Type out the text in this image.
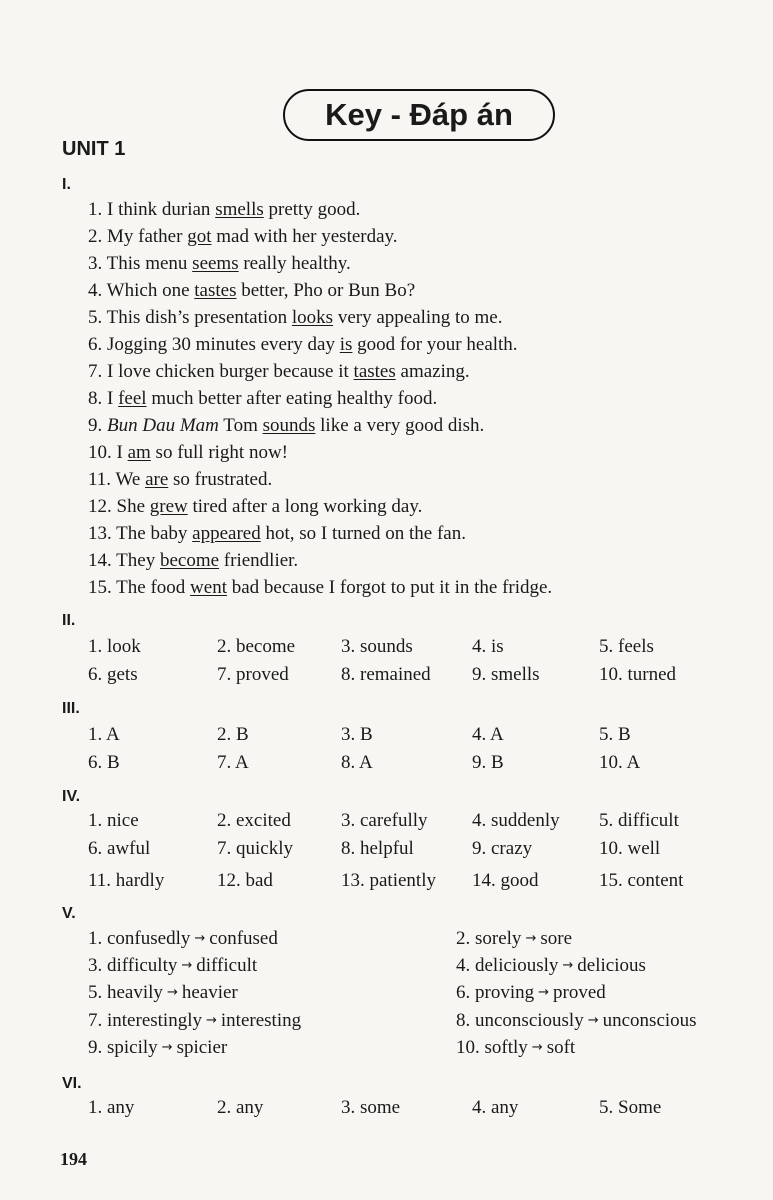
Key - Đáp án
UNIT 1
I.
1. I think durian smells pretty good.
2. My father got mad with her yesterday.
3. This menu seems really healthy.
4. Which one tastes better, Pho or Bun Bo?
5. This dish’s presentation looks very appealing to me.
6. Jogging 30 minutes every day is good for your health.
7. I love chicken burger because it tastes amazing.
8. I feel much better after eating healthy food.
9. Bun Dau Mam Tom sounds like a very good dish.
10. I am so full right now!
11. We are so frustrated.
12. She grew tired after a long working day.
13. The baby appeared hot, so I turned on the fan.
14. They become friendlier.
15. The food went bad because I forgot to put it in the fridge.
II.
1. look	2. become 3. sounds	4. is	5. feels
6. gets	7. proved	8. remained 9. smells	10. turned
III.
1. A	2. B	3. B	4. A	5. B
6. B	7. A	8. A	9. B	10. A
IV.
1. nice	2. excited	3. carefully 4. suddenly 5. difficult
6. awful	7. quickly	8. helpful	9. crazy	10. well
11. hardly	12. bad	13. patiently 14. good	15. content
V.
1. confusedly → confused	2. sorely → sore
3. difficulty → difficult	4. deliciously → delicious
5. heavily → heavier	6. proving → proved
7. interestingly → interesting	8. unconsciously → unconscious
9. spicily → spicier	10. softly → soft
VI.
1. any	2. any	3. some	4. any	5. Some
194
